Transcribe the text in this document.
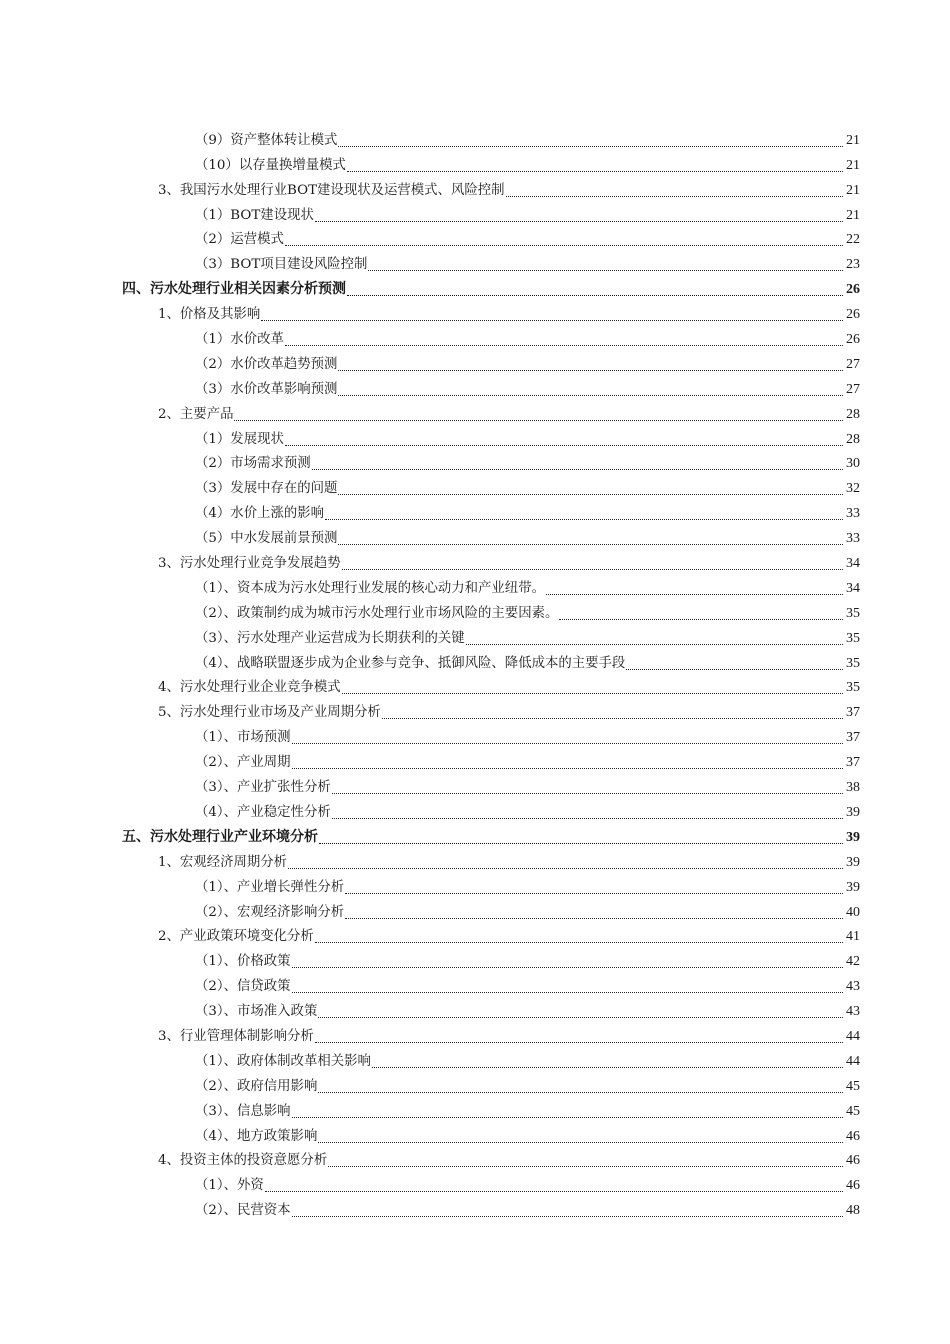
（9）资产整体转让模式	21
（10）以存量换增量模式	21
3、我国污水处理行业BOT建设现状及运营模式、风险控制	21
（1）BOT建设现状	21
（2）运营模式	22
（3）BOT项目建设风险控制	23
四、污水处理行业相关因素分析预测	26
1、价格及其影响	26
（1）水价改革	26
（2）水价改革趋势预测	27
（3）水价改革影响预测	27
2、主要产品	28
（1）发展现状	28
（2）市场需求预测	30
（3）发展中存在的问题	32
（4）水价上涨的影响	33
（5）中水发展前景预测	33
3、污水处理行业竞争发展趋势	34
（1）、资本成为污水处理行业发展的核心动力和产业纽带。	34
（2）、政策制约成为城市污水处理行业市场风险的主要因素。	35
（3）、污水处理产业运营成为长期获利的关键	35
（4）、战略联盟逐步成为企业参与竞争、抵御风险、降低成本的主要手段	35
4、污水处理行业企业竞争模式	35
5、污水处理行业市场及产业周期分析	37
（1）、市场预测	37
（2）、产业周期	37
（3）、产业扩张性分析	38
（4）、产业稳定性分析	39
五、污水处理行业产业环境分析	39
1、宏观经济周期分析	39
（1）、产业增长弹性分析	39
（2）、宏观经济影响分析	40
2、产业政策环境变化分析	41
（1）、价格政策	42
（2）、信贷政策	43
（3）、市场准入政策	43
3、行业管理体制影响分析	44
（1）、政府体制改革相关影响	44
（2）、政府信用影响	45
（3）、信息影响	45
（4）、地方政策影响	46
4、投资主体的投资意愿分析	46
（1）、外资	46
（2）、民营资本	48
